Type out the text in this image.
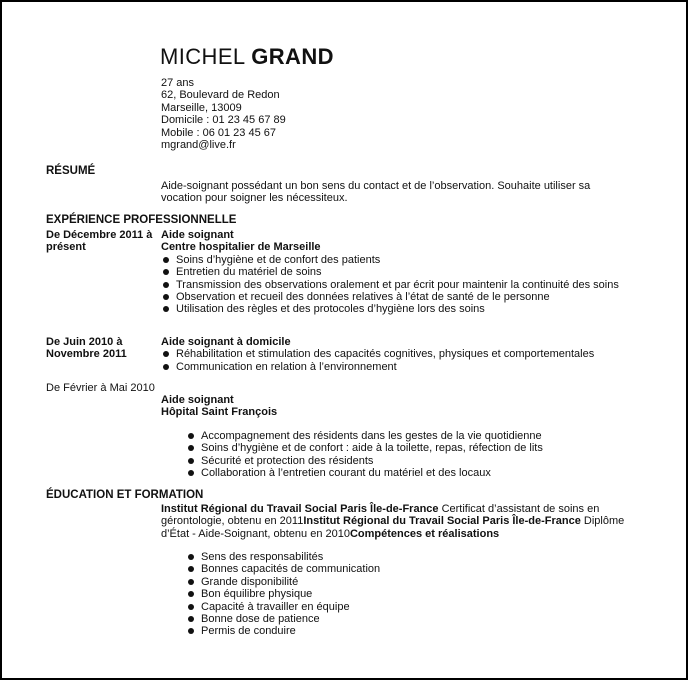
MICHEL GRAND
27 ans
62, Boulevard de Redon
Marseille, 13009
Domicile : 01 23 45 67 89
Mobile : 06 01 23 45 67
mgrand@live.fr
RÉSUMÉ
Aide-soignant possédant un bon sens du contact et de l’observation. Souhaite utiliser sa vocation pour soigner les nécessiteux.
EXPÉRIENCE PROFESSIONNELLE
De Décembre 2011 à présent
Aide soignant
Centre hospitalier de Marseille
Soins d’hygiène et de confort des patients
Entretien du matériel de soins
Transmission des observations oralement et par écrit pour maintenir la continuité des soins
Observation et recueil des données relatives à l’état de santé de le personne
Utilisation des règles et des protocoles d’hygiène lors des soins
De Juin 2010 à Novembre 2011
Aide soignant à domicile
Réhabilitation et stimulation des capacités cognitives, physiques et comportementales
Communication en relation à l’environnement
De Février à Mai 2010
Aide soignant
Hôpital Saint François
Accompagnement des résidents dans les gestes de la vie quotidienne
Soins d’hygiène et de confort : aide à la toilette, repas, réfection de lits
Sécurité et protection des résidents
Collaboration à l’entretien courant du matériel et des locaux
ÉDUCATION ET FORMATION
Institut Régional du Travail Social Paris Île-de-France Certificat d’assistant de soins en gérontologie, obtenu en 2011Institut Régional du Travail Social Paris Île-de-France Diplôme d’État - Aide-Soignant, obtenu en 2010Compétences et réalisations
Sens des responsabilités
Bonnes capacités de communication
Grande disponibilité
Bon équilibre physique
Capacité à travailler en équipe
Bonne dose de patience
Permis de conduire
